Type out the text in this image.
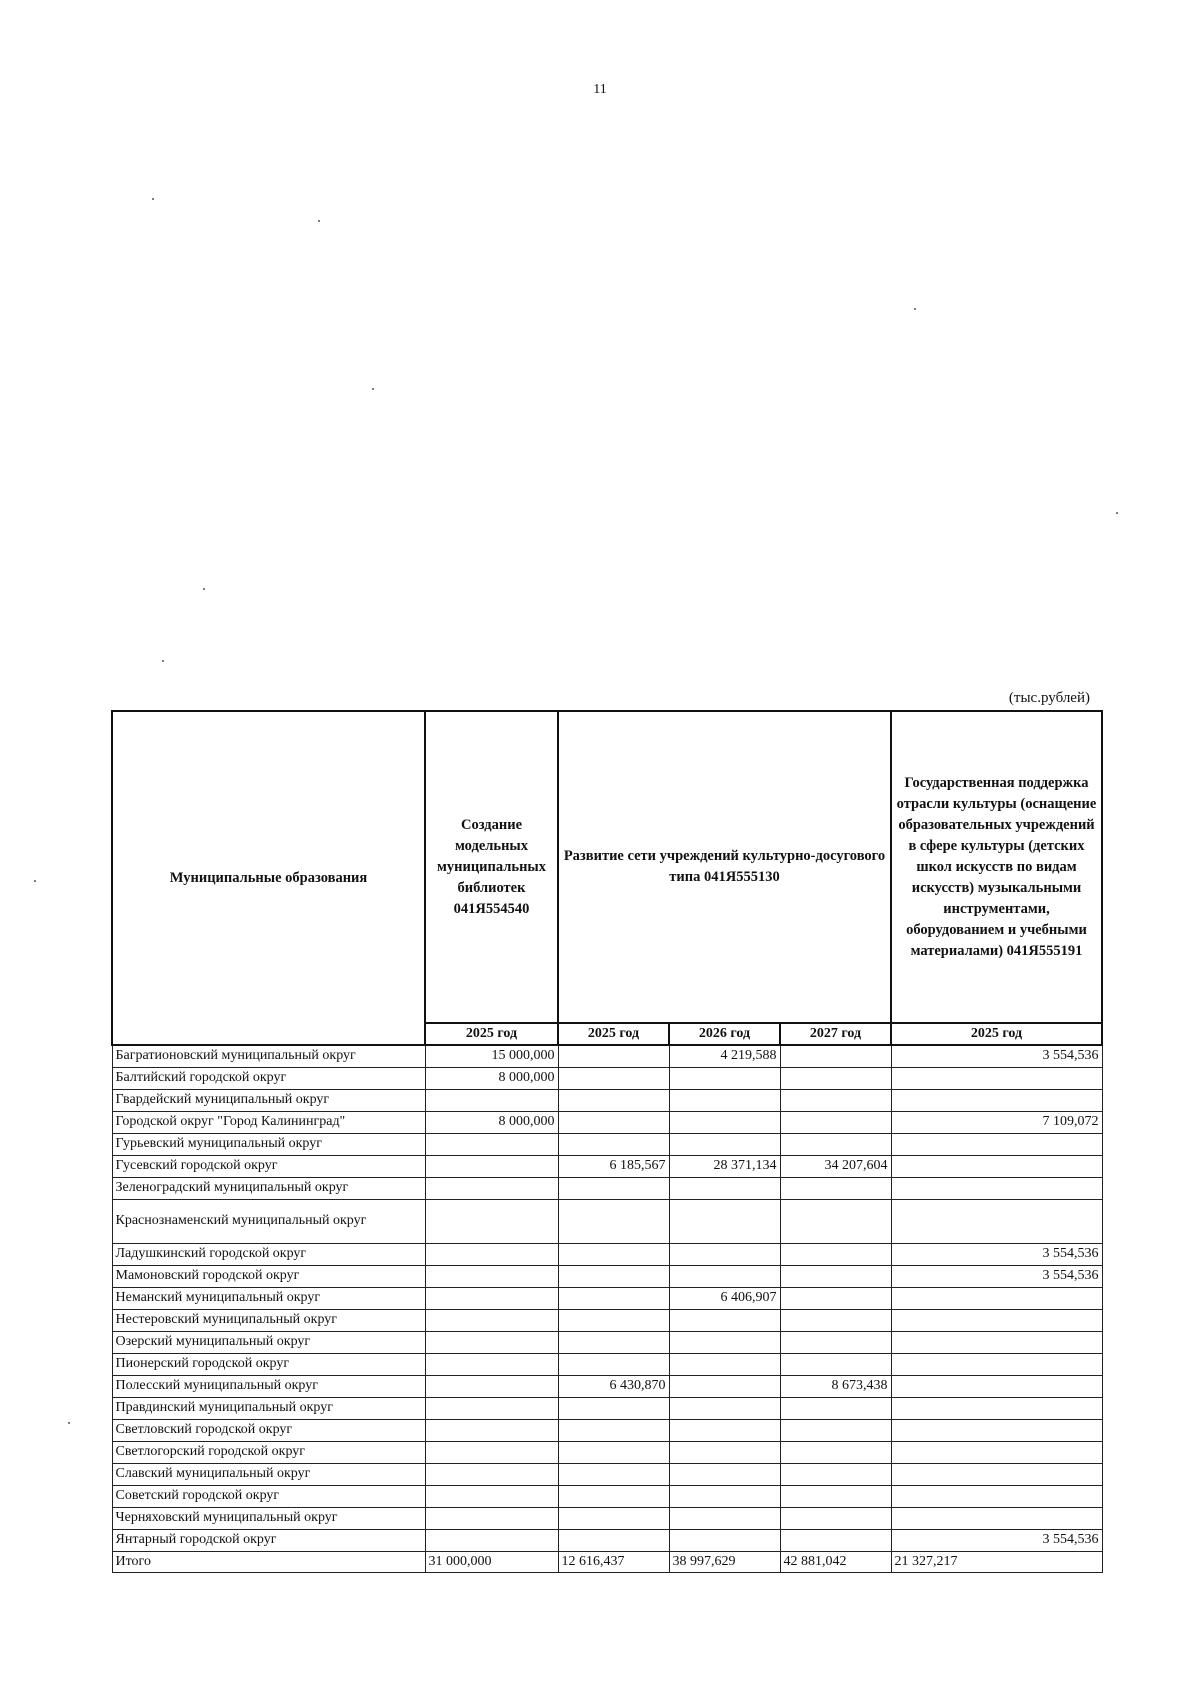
11
(тыс.рублей)
Муниципальные образования	Создание модельных муниципальных библиотек 041Я554540	Развитие сети учреждений культурно-досугового типа 041Я555130			Государственная поддержка отрасли культуры (оснащение образовательных учреждений в сфере культуры (детских школ искусств по видам искусств) музыкальными инструментами, оборудованием и учебными материалами) 041Я555191
	2025 год	2025 год	2026 год	2027 год	2025 год
Багратионовский муниципальный округ	15 000,000		4 219,588		3 554,536
Балтийский городской округ	8 000,000				
Гвардейский муниципальный округ					
Городской округ "Город Калининград"	8 000,000				7 109,072
Гурьевский муниципальный округ					
Гусевский городской округ		6 185,567	28 371,134	34 207,604	
Зеленоградский муниципальный округ					
Краснознаменский муниципальный округ					
Ладушкинский городской округ					3 554,536
Мамоновский городской округ					3 554,536
Неманский муниципальный округ			6 406,907		
Нестеровский муниципальный округ					
Озерский муниципальный округ					
Пионерский городской округ					
Полесский муниципальный округ		6 430,870		8 673,438	
Правдинский муниципальный округ					
Светловский городской округ					
Светлогорский городской округ					
Славский муниципальный округ					
Советский городской округ					
Черняховский муниципальный округ					
Янтарный городской округ					3 554,536
Итого	31 000,000	12 616,437	38 997,629	42 881,042	21 327,217
